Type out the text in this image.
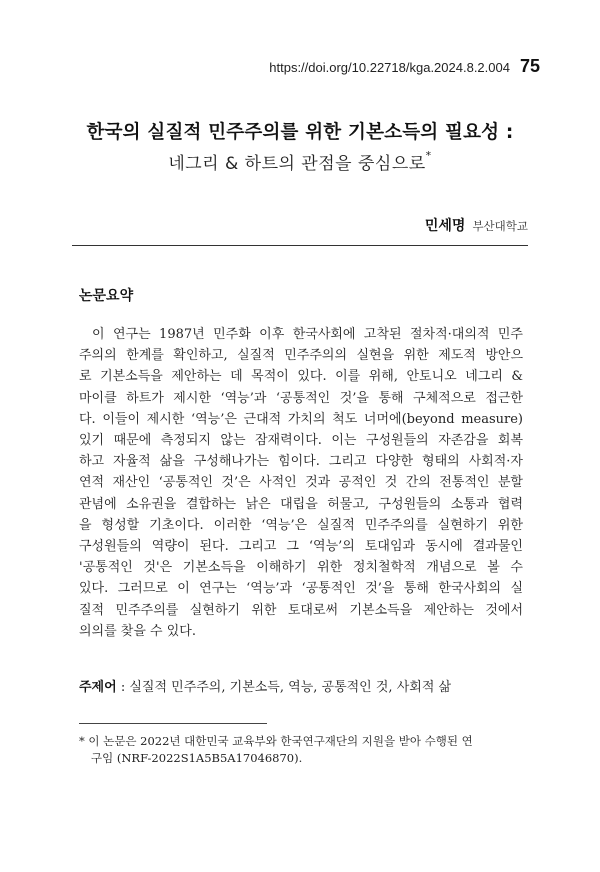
https://doi.org/10.22718/kga.2024.8.2.004 75
한국의 실질적 민주주의를 위한 기본소득의 필요성 :
네그리 & 하트의 관점을 중심으로*
민세명 부산대학교
논문요약
이 연구는 1987년 민주화 이후 한국사회에 고착된 절차적·대의적 민주
주의의 한계를 확인하고, 실질적 민주주의의 실현을 위한 제도적 방안으
로 기본소득을 제안하는 데 목적이 있다. 이를 위해, 안토니오 네그리 &
마이클 하트가 제시한 ‘역능’과 ‘공통적인 것’을 통해 구체적으로 접근한
다. 이들이 제시한 ‘역능’은 근대적 가치의 척도 너머에(beyond measure)
있기 때문에 측정되지 않는 잠재력이다. 이는 구성원들의 자존감을 회복
하고 자율적 삶을 구성해나가는 힘이다. 그리고 다양한 형태의 사회적·자
연적 재산인 ‘공통적인 것’은 사적인 것과 공적인 것 간의 전통적인 분할
관념에 소유권을 결합하는 낡은 대립을 허물고, 구성원들의 소통과 협력
을 형성할 기초이다. 이러한 ‘역능’은 실질적 민주주의를 실현하기 위한
구성원들의 역량이 된다. 그리고 그 ‘역능’의 토대임과 동시에 결과물인
'공통적인 것'은 기본소득을 이해하기 위한 정치철학적 개념으로 볼 수
있다. 그러므로 이 연구는 ‘역능’과 ‘공통적인 것’을 통해 한국사회의 실
질적 민주주의를 실현하기 위한 토대로써 기본소득을 제안하는 것에서
의의를 찾을 수 있다.
주제어 : 실질적 민주주의, 기본소득, 역능, 공통적인 것, 사회적 삶
* 이 논문은 2022년 대한민국 교육부와 한국연구재단의 지원을 받아 수행된 연
구임 (NRF-2022S1A5B5A17046870).
